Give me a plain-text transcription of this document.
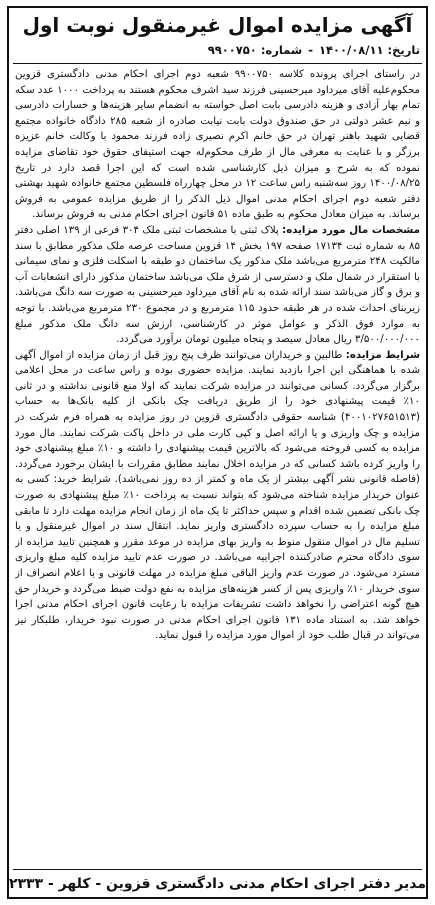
آگهی مزایده اموال غیرمنقول نوبت اول
تاریخ: ۱۴۰۰/۰۸/۱۱-شماره: ۹۹۰۰۷۵۰

در راستای اجرای پرونده کلاسه ۹۹۰۰۷۵۰ شعبه دوم اجرای احکام مدنی دادگستری قزوین محکوم‌علیه آقای میرداود میرحسینی فرزند سید اشرف محکوم هستند به پرداخت ۱۰۰۰ عدد سکه تمام بهار آزادی و هزینه دادرسی بابت اصل خواسته به انضمام سایر هزینه‌ها و خسارات دادرسی و نیم عشر دولتی در حق صندوق دولت بابت نیابت صادره از شعبه ۲۸۵ دادگاه خانواده مجتمع قضایی شهید باهنر تهران در حق خانم اکرم نصیری زاده فرزند محمود با وکالت خانم عزیزه برزگر و با عنایت به معرفی مال از طرف محکوم‌له جهت استیفای حقوق خود تقاضای مزایده نموده که به شرح و میزان ذیل کارشناسی شده است که این اجرا قصد دارد در تاریخ ۱۴۰۰/۰۸/۲۵ روز سه‌شنبه راس ساعت ۱۲ در محل چهارراه فلسطین مجتمع خانواده شهید بهشتی دفتر شعبه دوم اجرای احکام مدنی اموال ذیل الذکر را از طریق مزایده عمومی به فروش برساند. به میزان معادل محکوم به طبق ماده ۵۱ قانون اجرای احکام مدنی به فروش برساند.

مشخصات مال مورد مزایده: پلاک ثبتی با مشخصات ثبتی ملک ۳۰۴ فرعی از ۱۳۹ اصلی دفتر ۸۵ به شماره ثبت ۱۷۱۳۴ صفحه ۱۹۷ بخش ۱۴ قزوین مساحت عرصه ملک مذکور مطابق با سند مالکیت ۲۴۸ مترمربع می‌باشد ملک مذکور یک ساختمان دو طبقه با اسکلت فلزی و نمای سیمانی با استقرار در شمال ملک و دسترسی از شرق ملک می‌باشد ساختمان مذکور دارای انشعابات آب و برق و گاز می‌باشد سند ارائه شده به نام آقای میرداود میرحسینی به صورت سه دانگ می‌باشد. زیربنای احداث شده در هر طبقه حدود ۱۱۵ مترمربع و در مجموع ۲۳۰ مترمربع می‌باشد. با توجه به موارد فوق الذکر و عوامل موثر در کارشناسی، ارزش سه دانگ ملک مذکور مبلغ ۳/۵۰۰/۰۰۰/۰۰۰ ریال معادل سیصد و پنجاه میلیون تومان برآورد می‌گردد.

شرایط مزایده: طالبین و خریداران می‌توانند ظرف پنج روز قبل از زمان مزایده از اموال آگهی شده با هماهنگی این اجرا بازدید نمایند. مزایده حضوری بوده و راس ساعت در محل اعلامی برگزار می‌گردد. کسانی می‌توانند در مزایده شرکت نمایند که اولا منع قانونی نداشته و در ثانی ۱۰٪ قیمت پیشنهادی خود را از طریق دریافت چک بانکی از کلیه بانک‌ها به حساب (۴۰۰۱۰۲۷۶۵۱۵۱۳) شناسه حقوقی دادگستری قزوین در روز مزایده به همراه فرم شرکت در مزایده و چک واریزی و یا ارائه اصل و کپی کارت ملی در داخل پاکت شرکت نمایند. مال مورد مزایده به کسی فروخته می‌شود که بالاترین قیمت پیشنهادی را داشته و ۱۰٪ مبلغ پیشنهادی خود را واریز کرده باشد کسانی که در مزایده اخلال نمایند مطابق مقررات با ایشان برخورد می‌گردد. (فاصله قانونی نشر آگهی بیشتر از یک ماه و کمتر از ده روز نمی‌باشد). شرایط خرید: کسی به عنوان خریدار مزایده شناخته می‌شود که بتواند نسبت به پرداخت ۱۰٪ مبلغ پیشنهادی به صورت چک بانکی تضمین شده اقدام و سپس حداکثر تا یک ماه از زمان انجام مزایده مهلت دارد تا مابقی مبلغ مزایده را به حساب سپرده دادگستری واریز نماید. انتقال سند در اموال غیرمنقول و یا تسلیم مال در اموال منقول منوط به واریز بهای مزایده در موعد مقرر و همچنین تایید مزایده از سوی دادگاه محترم صادرکننده اجراییه می‌باشد. در صورت عدم تایید مزایده کلیه مبلغ واریزی مسترد می‌شود. در صورت عدم واریز الباقی مبلغ مزایده در مهلت قانونی و یا اعلام انصراف از سوی خریدار ۱۰٪ واریزی پس از کسر هزینه‌های مزایده به نفع دولت ضبط می‌گردد و خریدار حق هیچ گونه اعتراضی را نخواهد داشت تشریفات مزایده با رعایت قانون اجرای احکام مدنی اجرا خواهد شد. به استناد ماده ۱۳۱ قانون اجرای احکام مدنی در صورت نبود خریدار، طلبکار نیز می‌تواند در قبال طلب خود از اموال مورد مزایده را قبول نماید.

مدیر دفتر اجرای احکام مدنی دادگستری قزوین - کلهر - ۲۳۳۳
